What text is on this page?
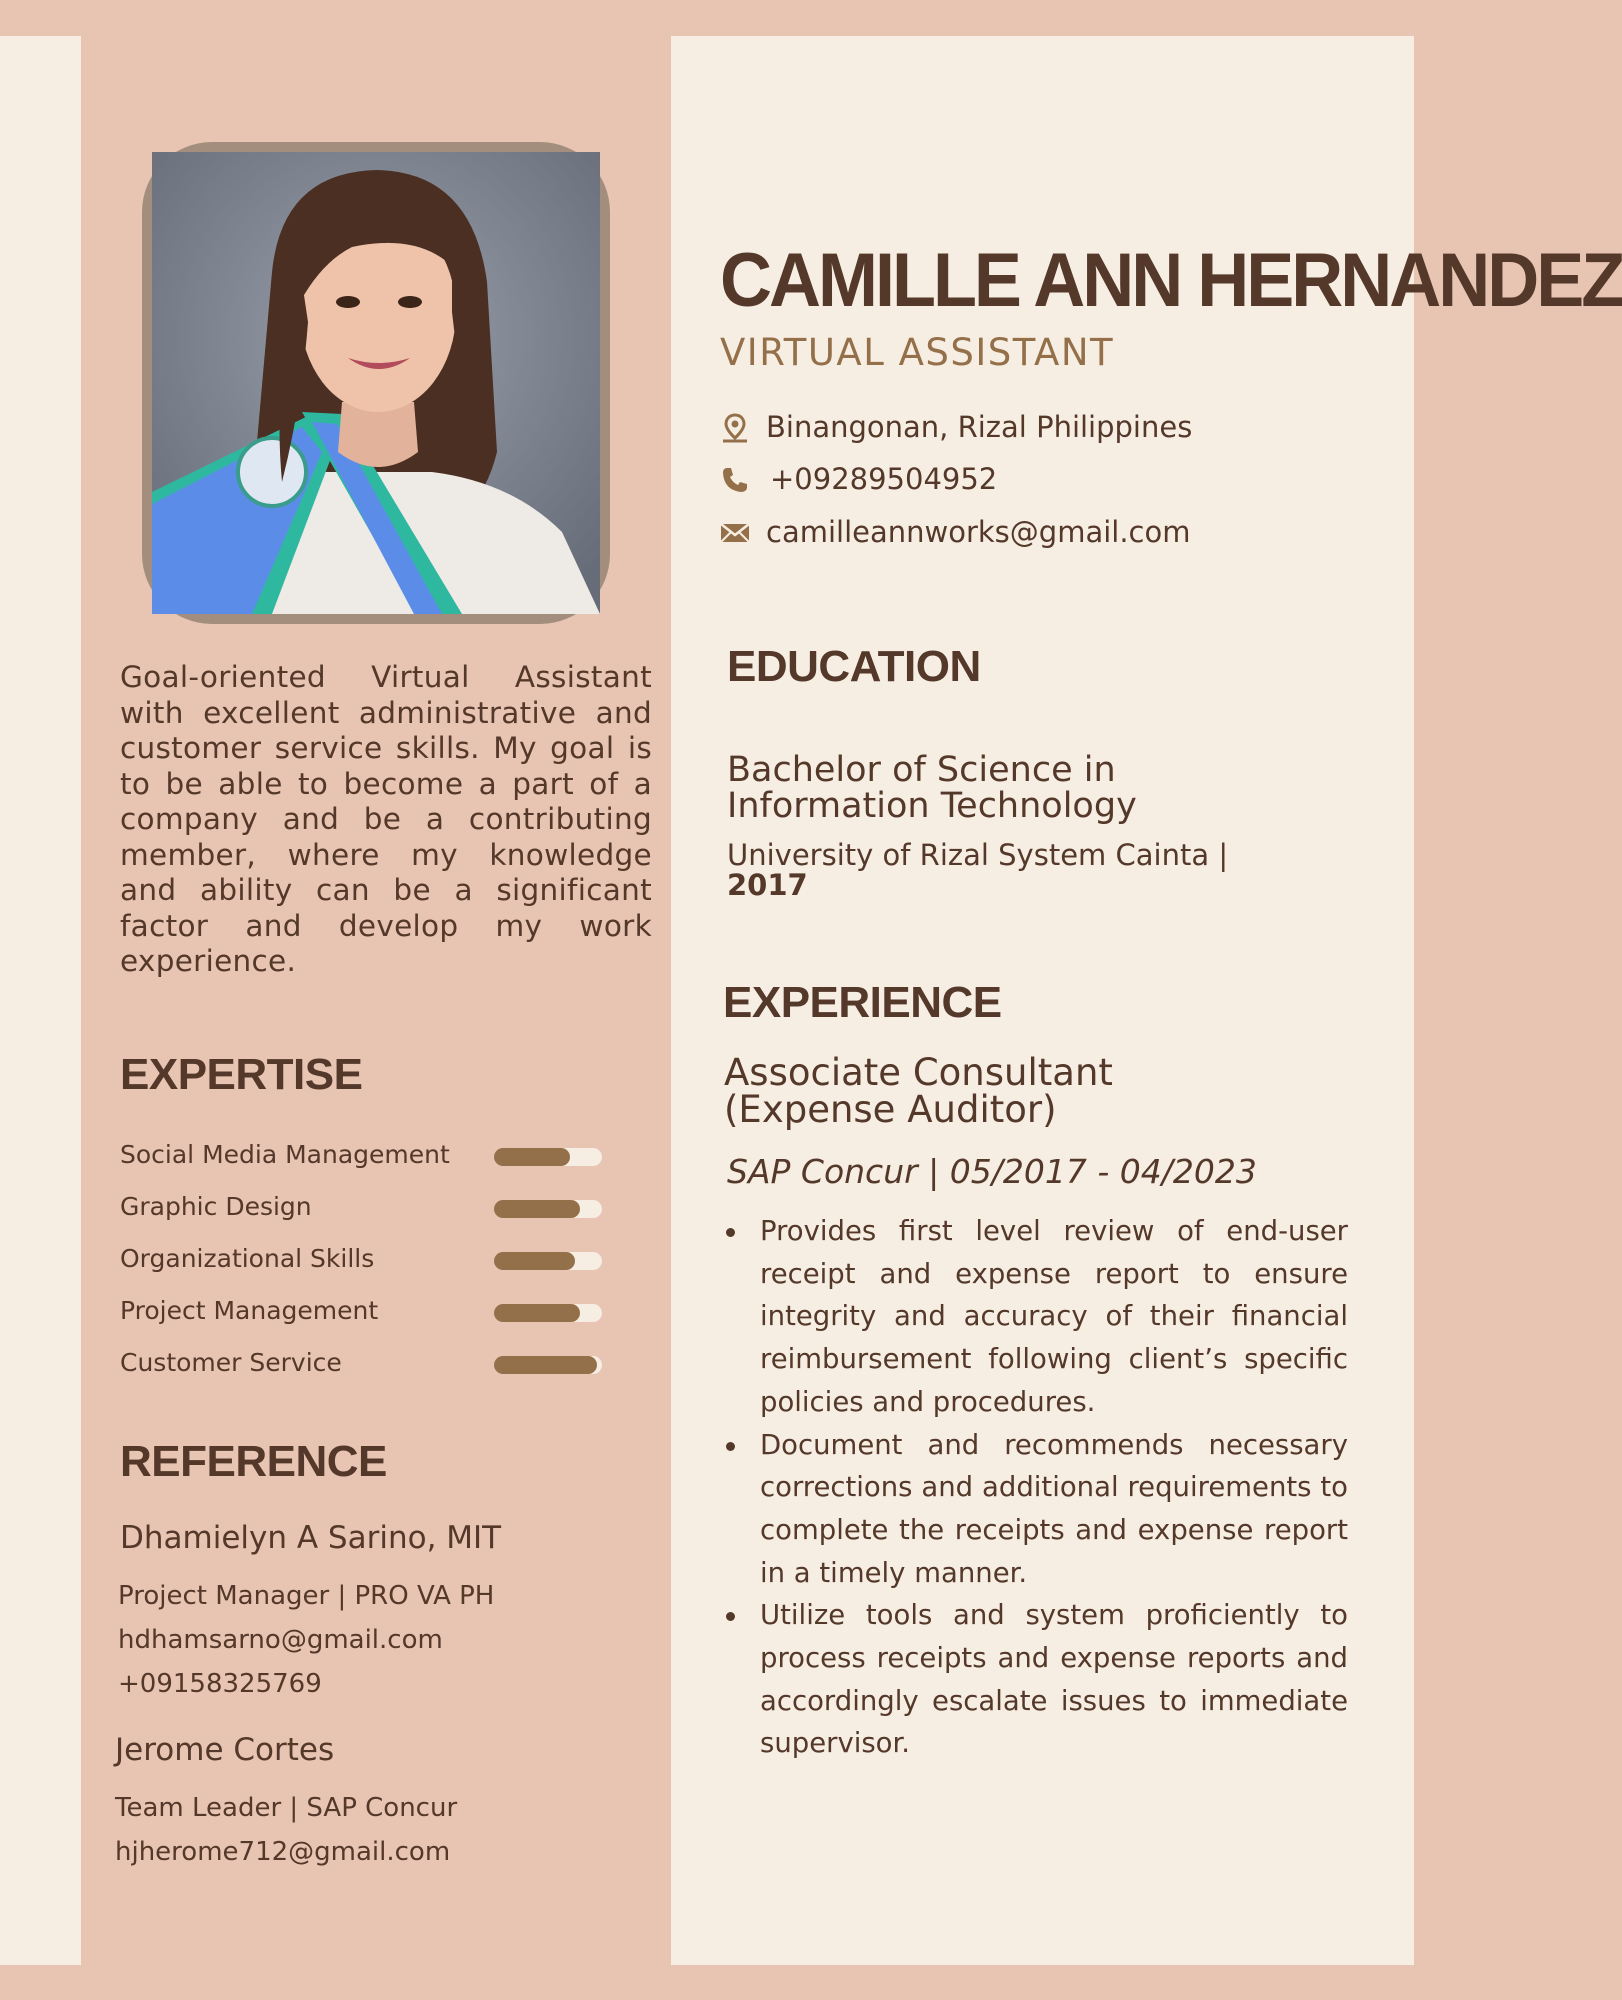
Goal-oriented Virtual Assistant with excellent administrative and customer service skills. My goal is to be able to become a part of a company and be a contributing member, where my knowledge and ability can be a significant factor and develop my work experience.
EXPERTISE
Social Media Management
Graphic Design
Organizational Skills
Project Management
Customer Service
REFERENCE
Dhamielyn A Sarino, MIT
Project Manager | PRO VA PH
hdhamsarno@gmail.com
+09158325769
Jerome Cortes
Team Leader | SAP Concur
hjherome712@gmail.com
CAMILLE ANN HERNANDEZ
VIRTUAL ASSISTANT
Binangonan, Rizal Philippines
+09289504952
camilleannworks@gmail.com
EDUCATION
Bachelor of Science in Information Technology
University of Rizal System Cainta | 2017
EXPERIENCE
Associate Consultant (Expense Auditor)
SAP Concur | 05/2017 - 04/2023
Provides first level review of end-user receipt and expense report to ensure integrity and accuracy of their financial reimbursement following client’s specific policies and procedures.
Document and recommends necessary corrections and additional requirements to complete the receipts and expense report in a timely manner.
Utilize tools and system proficiently to process receipts and expense reports and accordingly escalate issues to immediate supervisor.
